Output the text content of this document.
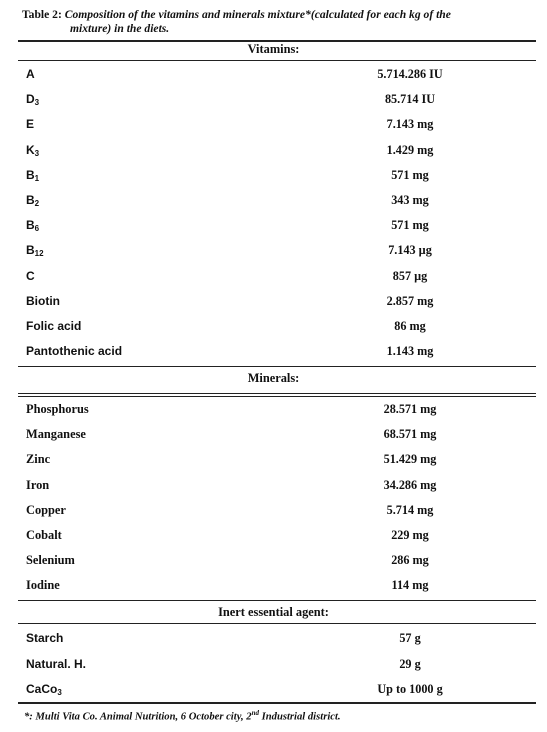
Table 2: Composition of the vitamins and minerals mixture*(calculated for each kg of the
mixture) in the diets.
Vitamins:
A	5.714.286 IU
$D_3$	85.714 IU
E	7.143 mg
$K_3$	1.429 mg
$B_1$	571 mg
$B_2$	343 mg
$B_6$	571 mg
$B_{12}$	7.143 µg
C	857 µg
Biotin	2.857 mg
Folic acid	86 mg
Pantothenic acid	1.143 mg
Minerals:
Phosphorus	28.571 mg
Manganese	68.571 mg
Zinc	51.429 mg
Iron	34.286 mg
Copper	5.714 mg
Cobalt	229 mg
Selenium	286 mg
Iodine	114 mg
Inert essential agent:
Starch	57 g
Natural. H.	29 g
CaCo$_3$	Up to 1000 g
*: Multi Vita Co. Animal Nutrition, 6 October city, 2nd Industrial district.
